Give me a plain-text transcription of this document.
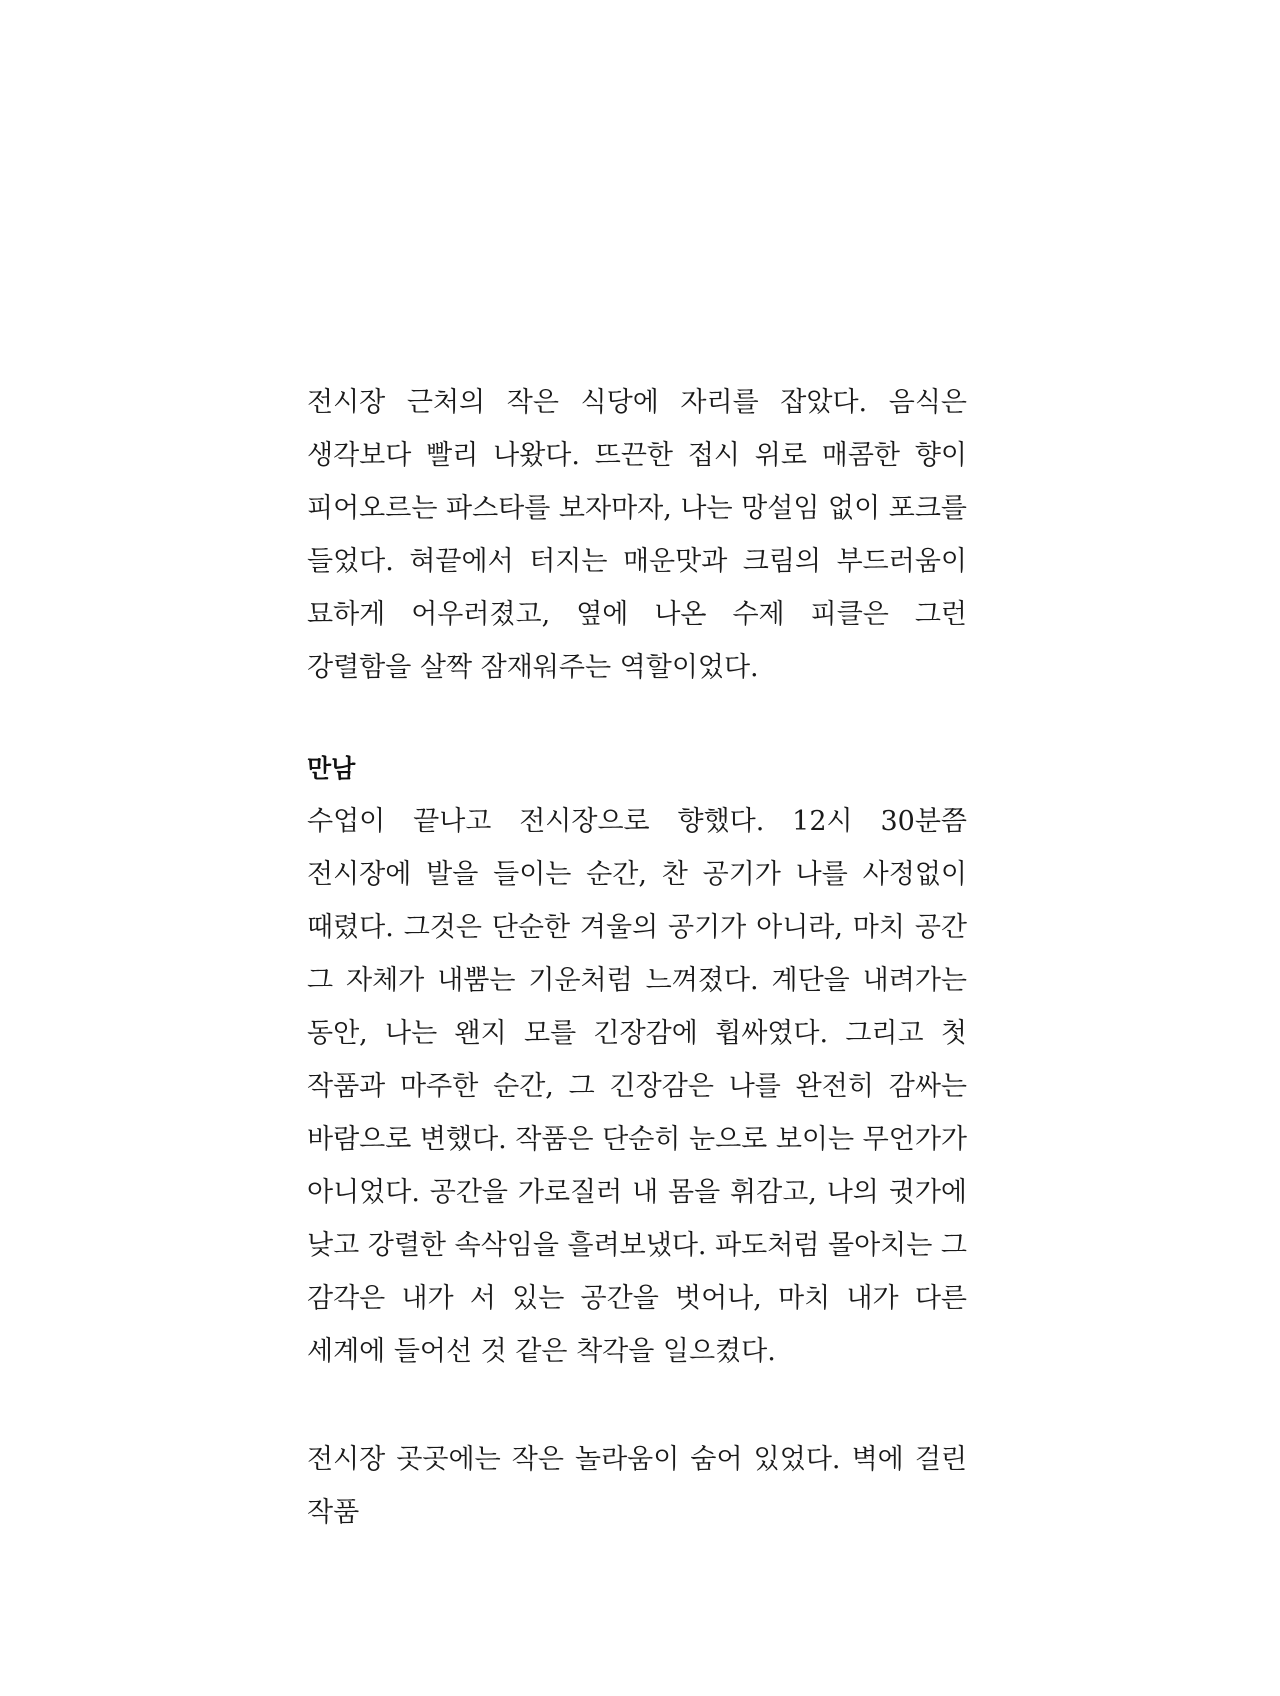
전시장 근처의 작은 식당에 자리를 잡았다. 음식은 생각보다 빨리 나왔다. 뜨끈한 접시 위로 매콤한 향이 피어오르는 파스타를 보자마자, 나는 망설임 없이 포크를 들었다. 혀끝에서 터지는 매운맛과 크림의 부드러움이 묘하게 어우러졌고, 옆에 나온 수제 피클은 그런 강렬함을 살짝 잠재워주는 역할이었다.

만남

수업이 끝나고 전시장으로 향했다. 12시 30분쯤 전시장에 발을 들이는 순간, 찬 공기가 나를 사정없이 때렸다. 그것은 단순한 겨울의 공기가 아니라, 마치 공간 그 자체가 내뿜는 기운처럼 느껴졌다. 계단을 내려가는 동안, 나는 왠지 모를 긴장감에 휩싸였다. 그리고 첫 작품과 마주한 순간, 그 긴장감은 나를 완전히 감싸는 바람으로 변했다. 작품은 단순히 눈으로 보이는 무언가가 아니었다. 공간을 가로질러 내 몸을 휘감고, 나의 귓가에 낮고 강렬한 속삭임을 흘려보냈다. 파도처럼 몰아치는 그 감각은 내가 서 있는 공간을 벗어나, 마치 내가 다른 세계에 들어선 것 같은 착각을 일으켰다.

전시장 곳곳에는 작은 놀라움이 숨어 있었다. 벽에 걸린 작품
